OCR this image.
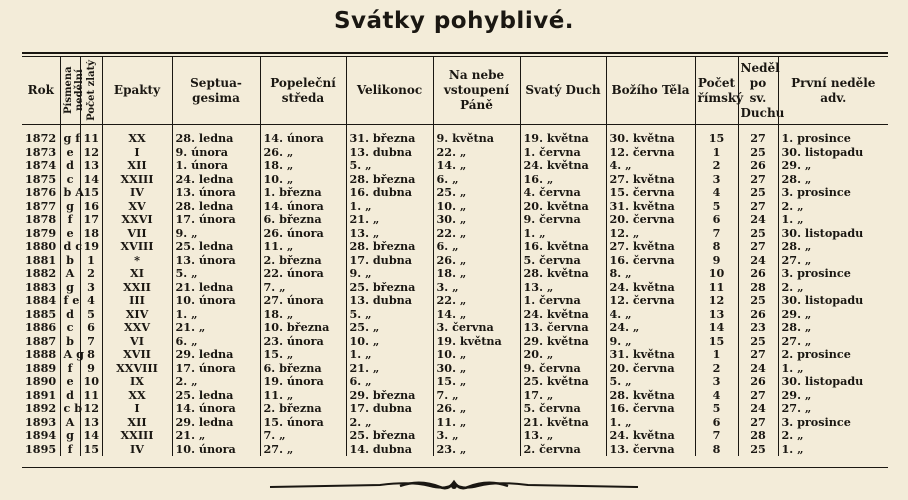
Svátky pohyblivé.
Rok	Písmena nedělní	Počet zlatý	Epakty	Septua-gesima	Popeleční středa	Velikonoc	Na nebe vstoupení Páně	Svatý Duch	Božího Těla	Počet římský	Neděl po sv. Duchu	První neděle adv.
1872	g f	11	XX	28. ledna	14. února	31. března	9. května	19. května	30. května	15	27	1. prosince
1873	e	12	I	9. února	26. „	13. dubna	22. „	1. června	12. června	1	25	30. listopadu
1874	d	13	XII	1. února	18. „	5. „	14. „	24. května	4. „	2	26	29. „
1875	c	14	XXIII	24. ledna	10. „	28. března	6. „	16. „	27. května	3	27	28. „
1876	b A	15	IV	13. února	1. března	16. dubna	25. „	4. června	15. června	4	25	3. prosince
1877	g	16	XV	28. ledna	14. února	1. „	10. „	20. května	31. května	5	27	2. „
1878	f	17	XXVI	17. února	6. března	21. „	30. „	9. června	20. června	6	24	1. „
1879	e	18	VII	9. „	26. února	13. „	22. „	1. „	12. „	7	25	30. listopadu
1880	d c	19	XVIII	25. ledna	11. „	28. března	6. „	16. května	27. května	8	27	28. „
1881	b	1	*	13. února	2. března	17. dubna	26. „	5. června	16. června	9	24	27. „
1882	A	2	XI	5. „	22. února	9. „	18. „	28. května	8. „	10	26	3. prosince
1883	g	3	XXII	21. ledna	7. „	25. března	3. „	13. „	24. května	11	28	2. „
1884	f e	4	III	10. února	27. února	13. dubna	22. „	1. června	12. června	12	25	30. listopadu
1885	d	5	XIV	1. „	18. „	5. „	14. „	24. května	4. „	13	26	29. „
1886	c	6	XXV	21. „	10. března	25. „	3. června	13. června	24. „	14	23	28. „
1887	b	7	VI	6. „	23. února	10. „	19. května	29. května	9. „	15	25	27. „
1888	A g	8	XVII	29. ledna	15. „	1. „	10. „	20. „	31. května	1	27	2. prosince
1889	f	9	XXVIII	17. února	6. března	21. „	30. „	9. června	20. června	2	24	1. „
1890	e	10	IX	2. „	19. února	6. „	15. „	25. května	5. „	3	26	30. listopadu
1891	d	11	XX	25. ledna	11. „	29. března	7. „	17. „	28. května	4	27	29. „
1892	c b	12	I	14. února	2. března	17. dubna	26. „	5. června	16. června	5	24	27. „
1893	A	13	XII	29. ledna	15. února	2. „	11. „	21. května	1. „	6	27	3. prosince
1894	g	14	XXIII	21. „	7. „	25. března	3. „	13. „	24. května	7	28	2. „
1895	f	15	IV	10. února	27. „	14. dubna	23. „	2. června	13. června	8	25	1. „
